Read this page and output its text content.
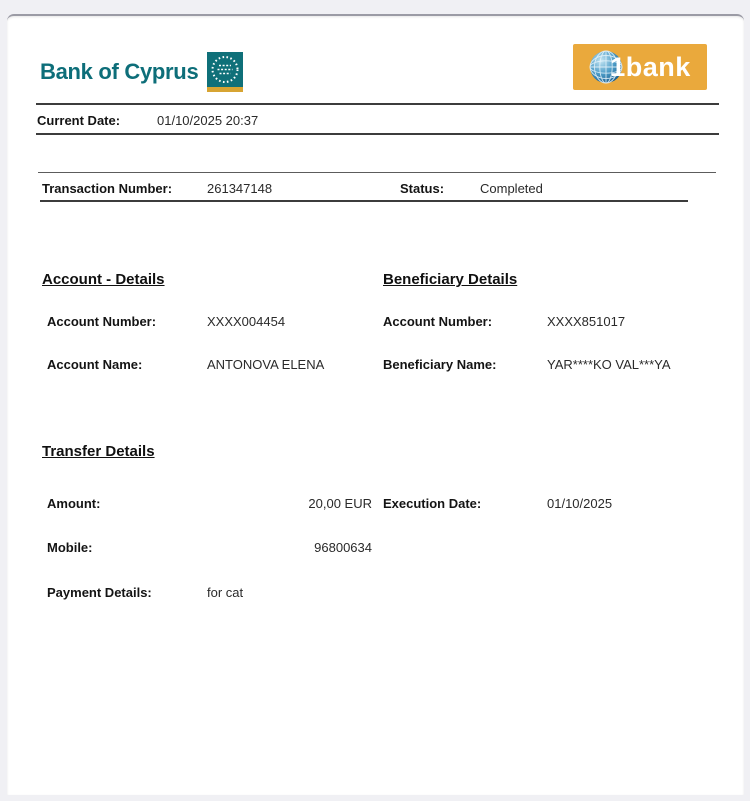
Bank of Cyprus	1bank
Current Date:	01/10/2025 20:37
Transaction Number:	261347148	Status:	Completed
Account - Details	Beneficiary Details
Account Number:	XXXX004454	Account Number:	XXXX851017
Account Name:	ANTONOVA ELENA	Beneficiary Name:	YAR****KO VAL***YA
Transfer Details
Amount:	20,00 EUR Execution Date:	01/10/2025
Mobile:	96800634
Payment Details:	for cat
